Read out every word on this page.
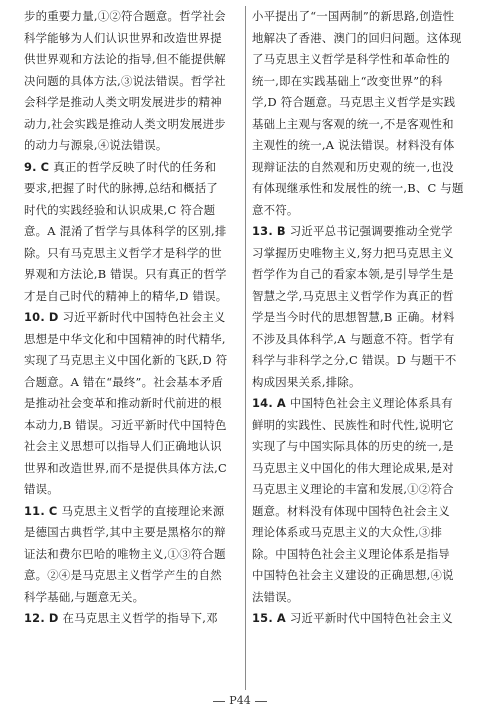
步的重要力量,①②符合题意。哲学社会
科学能够为人们认识世界和改造世界提
供世界观和方法论的指导,但不能提供解
决问题的具体方法,③说法错误。哲学社
会科学是推动人类文明发展进步的精神
动力,社会实践是推动人类文明发展进步
的动力与源泉,④说法错误。
9. C 真正的哲学反映了时代的任务和
要求,把握了时代的脉搏,总结和概括了
时代的实践经验和认识成果,C 符合题
意。A 混淆了哲学与具体科学的区别,排
除。只有马克思主义哲学才是科学的世
界观和方法论,B 错误。只有真正的哲学
才是自己时代的精神上的精华,D 错误。
10. D 习近平新时代中国特色社会主义
思想是中华文化和中国精神的时代精华,
实现了马克思主义中国化新的飞跃,D 符
合题意。A 错在“最终”。社会基本矛盾
是推动社会变革和推动新时代前进的根
本动力,B 错误。习近平新时代中国特色
社会主义思想可以指导人们正确地认识
世界和改造世界,而不是提供具体方法,C
错误。
11. C 马克思主义哲学的直接理论来源
是德国古典哲学,其中主要是黑格尔的辩
证法和费尔巴哈的唯物主义,①③符合题
意。②④是马克思主义哲学产生的自然
科学基础,与题意无关。
12. D 在马克思主义哲学的指导下,邓
小平提出了“一国两制”的新思路,创造性
地解决了香港、澳门的回归问题。这体现
了马克思主义哲学是科学性和革命性的
统一,即在实践基础上“改变世界”的科
学,D 符合题意。马克思主义哲学是实践
基础上主观与客观的统一,不是客观性和
主观性的统一,A 说法错误。材料没有体
现辩证法的自然观和历史观的统一,也没
有体现继承性和发展性的统一,B、C 与题
意不符。
13. B 习近平总书记强调要推动全党学
习掌握历史唯物主义,努力把马克思主义
哲学作为自己的看家本领,是引导学生是
智慧之学,马克思主义哲学作为真正的哲
学是当今时代的思想智慧,B 正确。材料
不涉及具体科学,A 与题意不符。哲学有
科学与非科学之分,C 错误。D 与题干不
构成因果关系,排除。
14. A 中国特色社会主义理论体系具有
鲜明的实践性、民族性和时代性,说明它
实现了与中国实际具体的历史的统一,是
马克思主义中国化的伟大理论成果,是对
马克思主义理论的丰富和发展,①②符合
题意。材料没有体现中国特色社会主义
理论体系或马克思主义的大众性,③排
除。中国特色社会主义理论体系是指导
中国特色社会主义建设的正确思想,④说
法错误。
15. A 习近平新时代中国特色社会主义
P44
